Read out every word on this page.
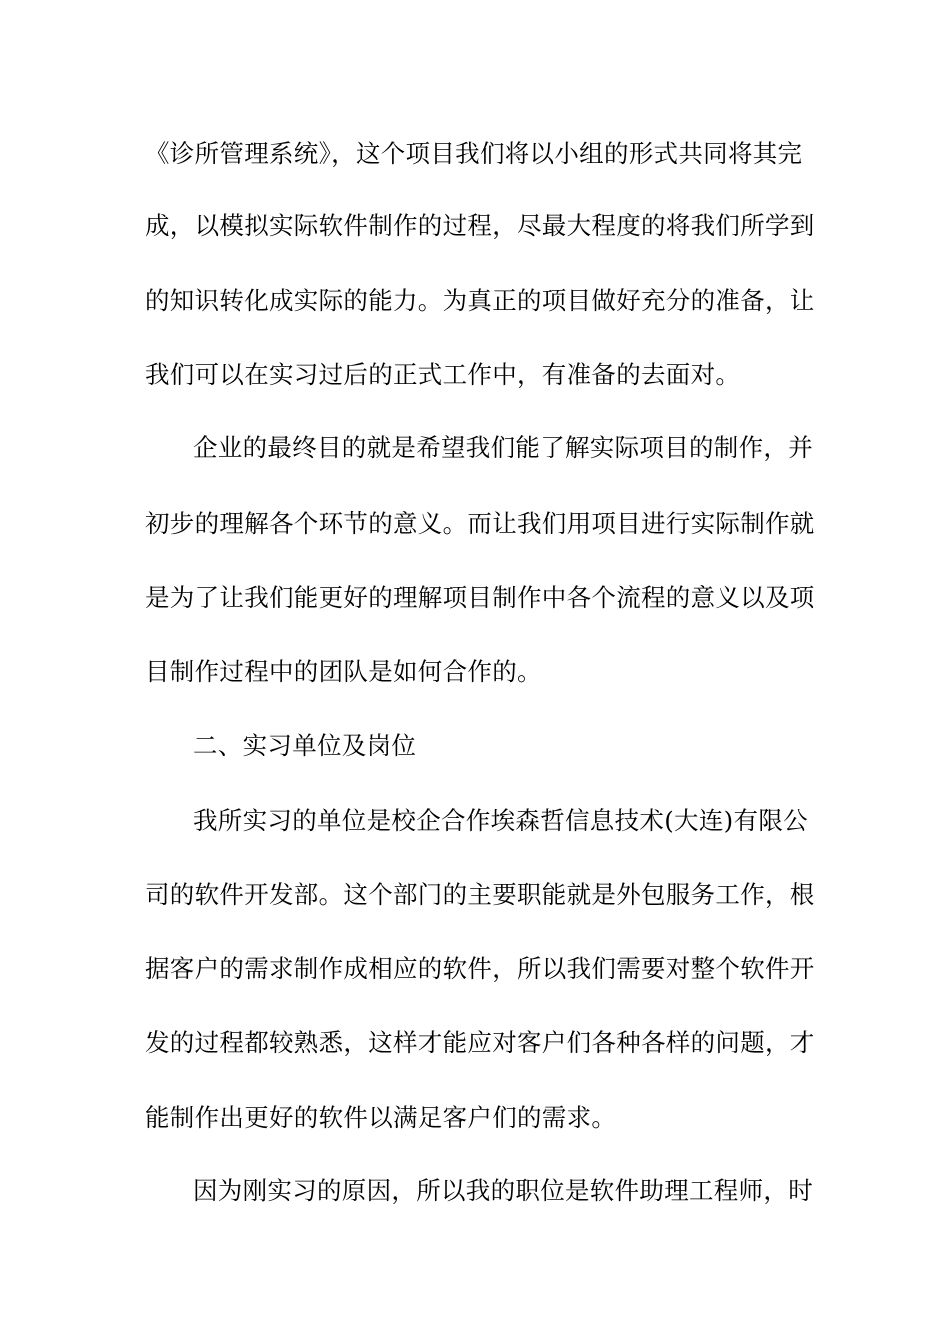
《诊所管理系统》，这个项目我们将以小组的形式共同将其完
成，以模拟实际软件制作的过程，尽最大程度的将我们所学到
的知识转化成实际的能力。为真正的项目做好充分的准备，让
我们可以在实习过后的正式工作中，有准备的去面对。
企业的最终目的就是希望我们能了解实际项目的制作，并
初步的理解各个环节的意义。而让我们用项目进行实际制作就
是为了让我们能更好的理解项目制作中各个流程的意义以及项
目制作过程中的团队是如何合作的。
二、实习单位及岗位
我所实习的单位是校企合作埃森哲信息技术(大连)有限公
司的软件开发部。这个部门的主要职能就是外包服务工作，根
据客户的需求制作成相应的软件，所以我们需要对整个软件开
发的过程都较熟悉，这样才能应对客户们各种各样的问题，才
能制作出更好的软件以满足客户们的需求。
因为刚实习的原因，所以我的职位是软件助理工程师，时
